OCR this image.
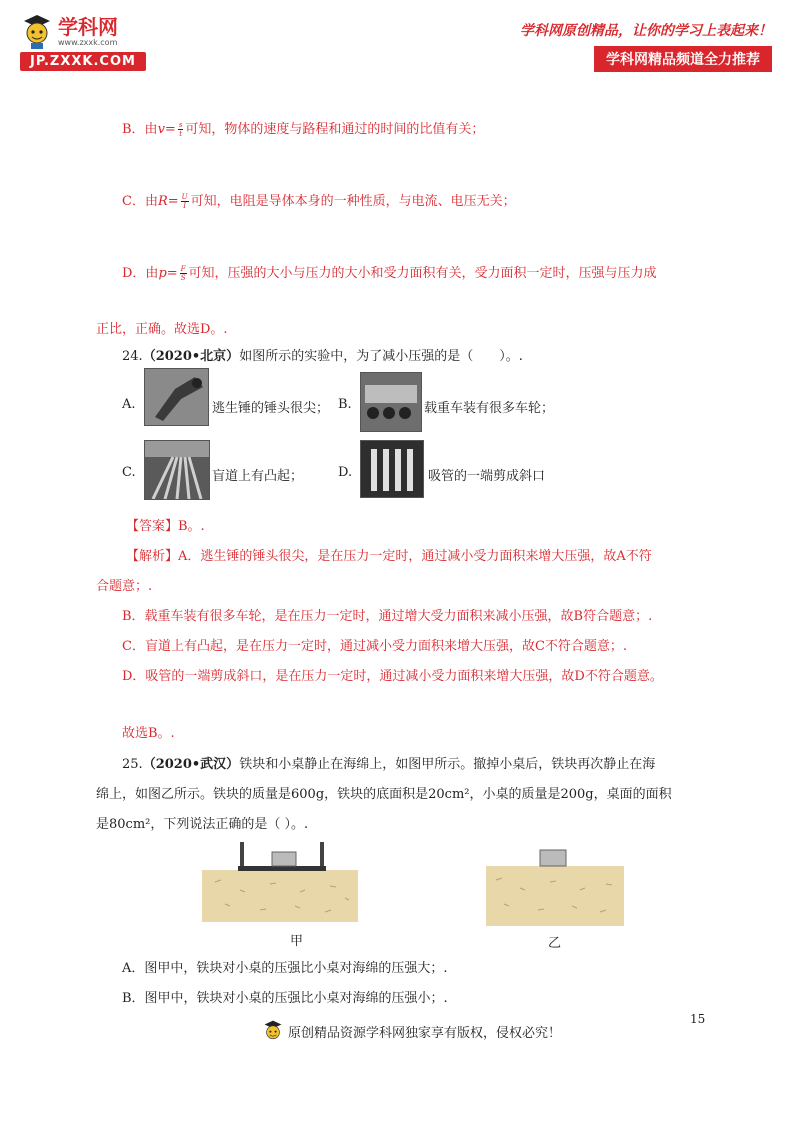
学科网
www.zxxk.com
JP.ZXXK.COM
学科网原创精品，让你的学习上表起来！
学科网精品频道全力推荐
B．由$v= \frac{s}{t}$ 可知，物体的速度与路程和通过的时间的比值有关；
C．由$R= \frac{U}{I}$ 可知，电阻是导体本身的一种性质，与电流、电压无关；
D．由$p= \frac{F}{S}$ 可知，压强的大小与压力的大小和受力面积有关，受力面积一定时，压强与压力成
正比，正确。故选D。.
24.（2020•北京）如图所示的实验中，为了减小压强的是（　　）。.
A.	逃生锤的锤头很尖； B.	载重车装有很多车轮；
C.	盲道上有凸起；	D.	吸管的一端剪成斜口
【答案】B。.
【解析】A．逃生锤的锤头很尖，是在压力一定时，通过减小受力面积来增大压强，故A不符
合题意；.
B．载重车装有很多车轮，是在压力一定时，通过增大受力面积来减小压强，故B符合题意；.
C．盲道上有凸起，是在压力一定时，通过减小受力面积来增大压强，故C不符合题意；.
D．吸管的一端剪成斜口，是在压力一定时，通过减小受力面积来增大压强，故D不符合题意。
故选B。.
25.（2020•武汉）铁块和小桌静止在海绵上，如图甲所示。撤掉小桌后，铁块再次静止在海
绵上，如图乙所示。铁块的质量是600g，铁块的底面积是20cm²，小桌的质量是200g，桌面的面积
是80cm²，下列说法正确的是（ ）。.
甲	乙
A．图甲中，铁块对小桌的压强比小桌对海绵的压强大；.
B．图甲中，铁块对小桌的压强比小桌对海绵的压强小；.
15
原创精品资源学科网独家享有版权，侵权必究！
